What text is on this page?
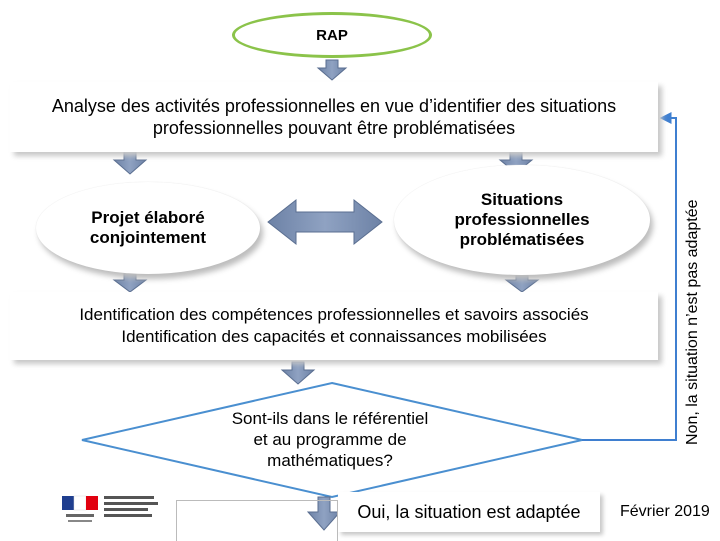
RAP
Analyse des activités professionnelles en vue d’identifier des situations
professionnelles pouvant être problématisées
Projet élaboré
conjointement
Situations
professionnelles
problématisées
Identification des compétences professionnelles et savoirs associés
Identification des capacités et connaissances mobilisées
Sont-ils dans le référentiel
et au programme de
mathématiques?
Oui, la situation est adaptée
Non, la situation n’est pas adaptée
Février 2019
